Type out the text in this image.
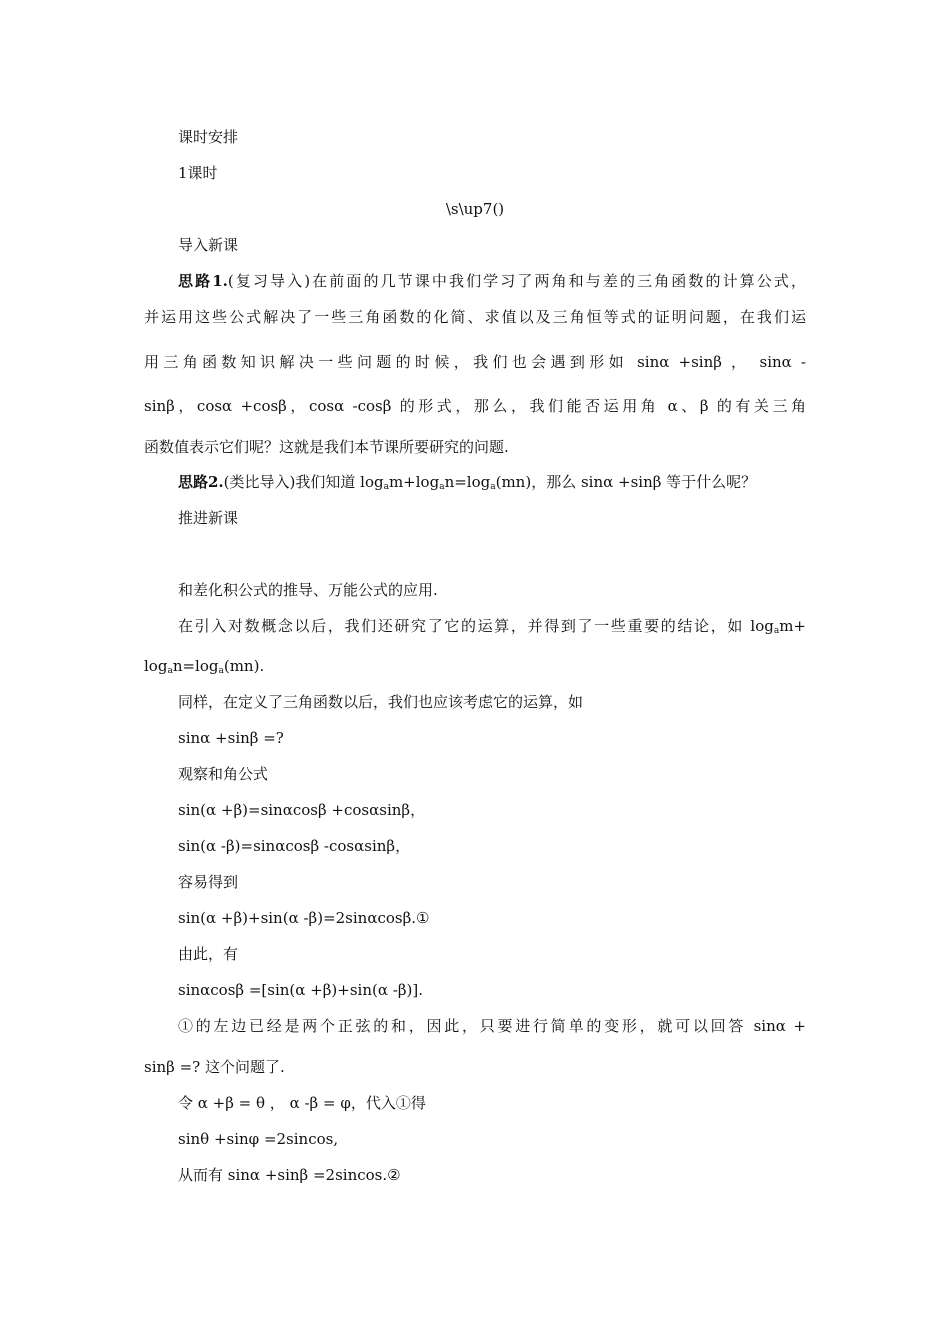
课时安排
1课时
\s\up7()
导入新课
思路1.(复习导入)在前面的几节课中我们学习了两角和与差的三角函数的计算公式，
并运用这些公式解决了一些三角函数的化简、求值以及三角恒等式的证明问题，在我们运
用三角函数知识解决一些问题的时候，我们也会遇到形如 sinα +sinβ ， sinα -
sinβ，cosα +cosβ，cosα -cosβ 的形式，那么，我们能否运用角 α、β 的有关三角
函数值表示它们呢？这就是我们本节课所要研究的问题.
思路2.(类比导入)我们知道 $\log_am+\log_an=\log_a(mn)$，那么 sinα +sinβ 等于什么呢？
推进新课
和差化积公式的推导、万能公式的应用.
在引入对数概念以后，我们还研究了它的运算，并得到了一些重要的结论，如 $\log_am+$
$\log_an=\log_a(mn)$.
同样，在定义了三角函数以后，我们也应该考虑它的运算，如
sinα +sinβ =?
观察和角公式
sin(α +β)=sinαcosβ +cosαsinβ，
sin(α -β)=sinαcosβ -cosαsinβ，
容易得到
sin(α +β)+sin(α -β)=2sinαcosβ.①
由此，有
sinαcosβ =[sin(α +β)+sin(α -β)].
①的左边已经是两个正弦的和，因此，只要进行简单的变形，就可以回答 sinα +
sinβ =? 这个问题了.
令 α +β = θ ， α -β = φ，代入①得
sinθ +sinφ =2sincos,
从而有 sinα +sinβ =2sincos.②
